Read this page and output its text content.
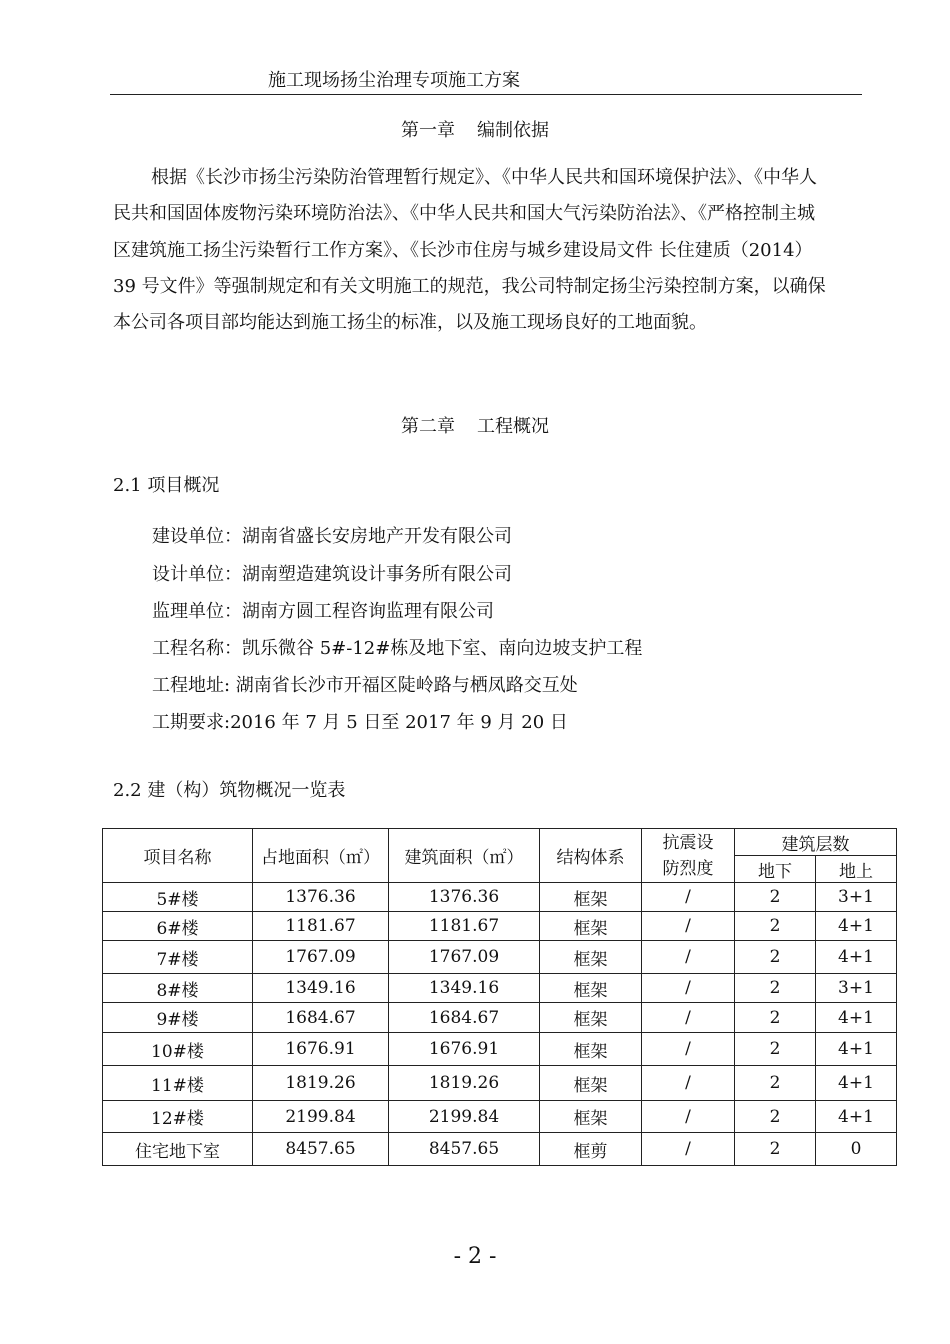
施工现场扬尘治理专项施工方案
第一章 编制依据
根据《长沙市扬尘污染防治管理暂行规定》、《中华人民共和国环境保护法》、《中华人
民共和国固体废物污染环境防治法》、《中华人民共和国大气污染防治法》、《严格控制主城
区建筑施工扬尘污染暂行工作方案》、《长沙市住房与城乡建设局文件 长住建质（2014）
39 号文件》等强制规定和有关文明施工的规范，我公司特制定扬尘污染控制方案，以确保
本公司各项目部均能达到施工扬尘的标准，以及施工现场良好的工地面貌。
第二章 工程概况
2.1 项目概况
建设单位：湖南省盛长安房地产开发有限公司
设计单位：湖南塑造建筑设计事务所有限公司
监理单位：湖南方圆工程咨询监理有限公司
工程名称：凯乐微谷 5#-12#栋及地下室、南向边坡支护工程
工程地址: 湖南省长沙市开福区陡岭路与栖凤路交互处
工期要求:2016 年 7 月 5 日至 2017 年 9 月 20 日
2.2 建（构）筑物概况一览表
项目名称	占地面积（㎡）	建筑面积（㎡）	结构体系	抗震设
防烈度	建筑层数	
					地下	地上
5#楼	1376.36	1376.36	框架	/	2	3+1
6#楼	1181.67	1181.67	框架	/	2	4+1
7#楼	1767.09	1767.09	框架	/	2	4+1
8#楼	1349.16	1349.16	框架	/	2	3+1
9#楼	1684.67	1684.67	框架	/	2	4+1
10#楼	1676.91	1676.91	框架	/	2	4+1
11#楼	1819.26	1819.26	框架	/	2	4+1
12#楼	2199.84	2199.84	框架	/	2	4+1
住宅地下室	8457.65	8457.65	框剪	/	2	0
- 2 -
